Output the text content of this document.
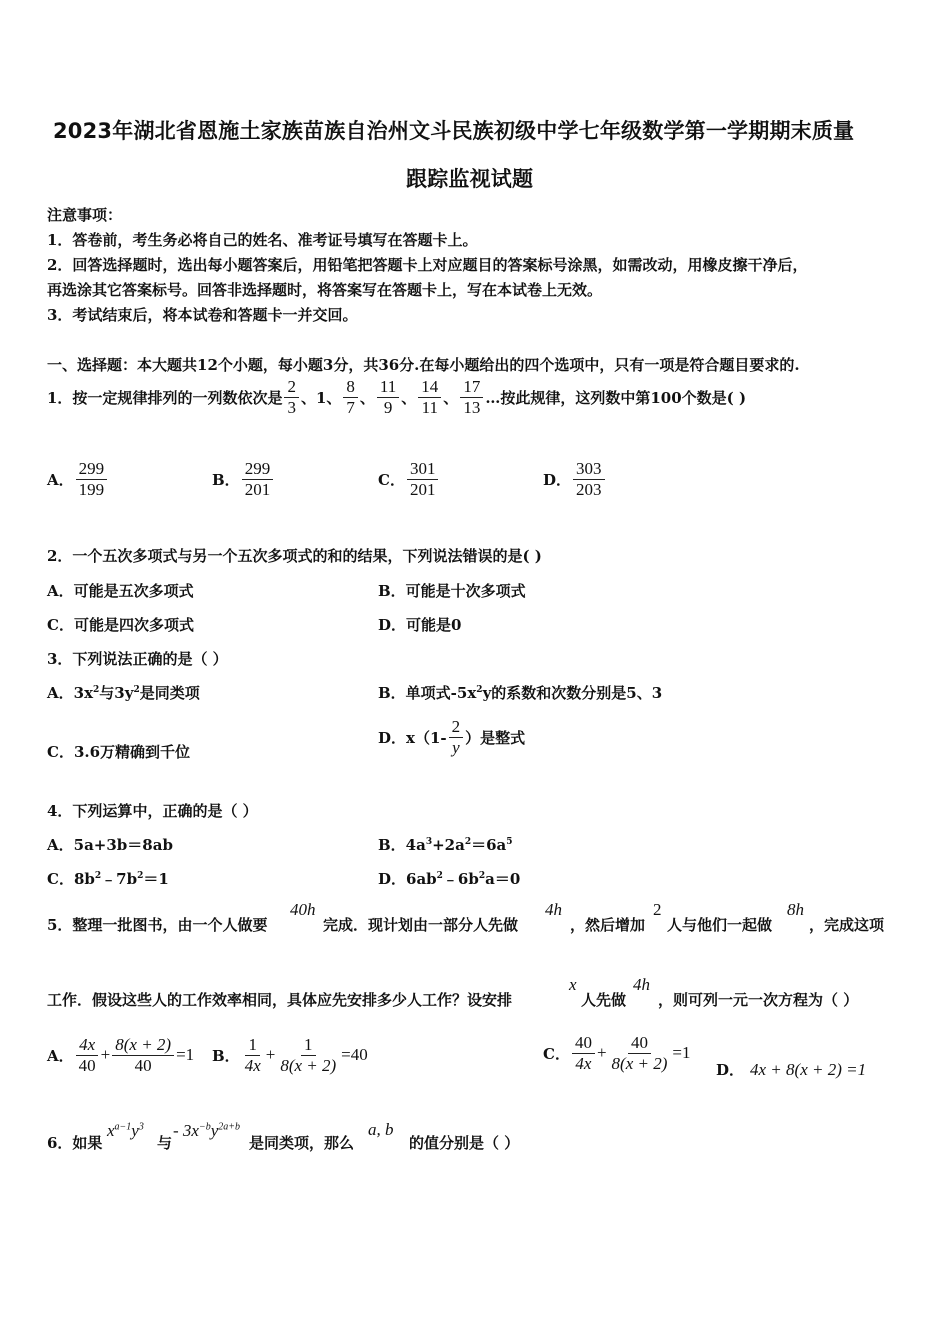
2023年湖北省恩施土家族苗族自治州文斗民族初级中学七年级数学第一学期期末质量
跟踪监视试题
注意事项：
1．答卷前，考生务必将自己的姓名、准考证号填写在答题卡上。
2．回答选择题时，选出每小题答案后，用铅笔把答题卡上对应题目的答案标号涂黑，如需改动，用橡皮擦干净后，
再选涂其它答案标号。回答非选择题时，将答案写在答题卡上，写在本试卷上无效。
3．考试结束后，将本试卷和答题卡一并交回。
一、选择题：本大题共12个小题，每小题3分，共36分.在每小题给出的四个选项中，只有一项是符合题目要求的.
1．按一定规律排列的一列数依次是 $\frac{2}{3}$ 、1、 $\frac{8}{7}$ 、 $\frac{11}{9}$ 、 $\frac{14}{11}$ 、 $\frac{17}{13}$ …按此规律，这列数中第100个数是( )
A． $\frac{299}{199}$	B． $\frac{299}{201}$	C． $\frac{301}{201}$	D． $\frac{303}{203}$
2．一个五次多项式与另一个五次多项式的和的结果，下列说法错误的是( )
A．可能是五次多项式	B．可能是十次多项式
C．可能是四次多项式	D．可能是0
3．下列说法正确的是（ ）
A．$3x^2$与$3y^2$是同类项	B．单项式$-5x^2y$的系数和次数分别是5、3
C．3.6万精确到千位
D．$x(1- \frac{2}{y}$ ）是整式
4．下列运算中，正确的是（ ）
A．5a+3b＝8ab	B．$4a^3+2a^2=6a^5$
C．$8b^2﹣7b^2=1$	D．$6ab^2﹣6b^2a=0$
5．整理一批图书，由一个人做要
40h
完成．现计划由一部分人先做
4h
，然后增加
2
人与他们一起做
8h
，完成这项
工作．假设这些人的工作效率相同，具体应先安排多少人工作？设安排
x
人先做
4h
，则可列一元一次方程为（ ）
A． $\frac{4x}{40} + \frac{8(x + 2)}{40} =1$ B． $\frac{1}{4x} + \frac{1}{8(x + 2)} =40$	C． $\frac{40}{4x} + \frac{40}{8(x + 2)} =1$
D． 4x + 8(x + 2) =1
6．如果
$x^{a-1}y^3$
与
- $3x^{-b}y^{2a+b}$
是同类项，那么
a, b
的值分别是（ ）
